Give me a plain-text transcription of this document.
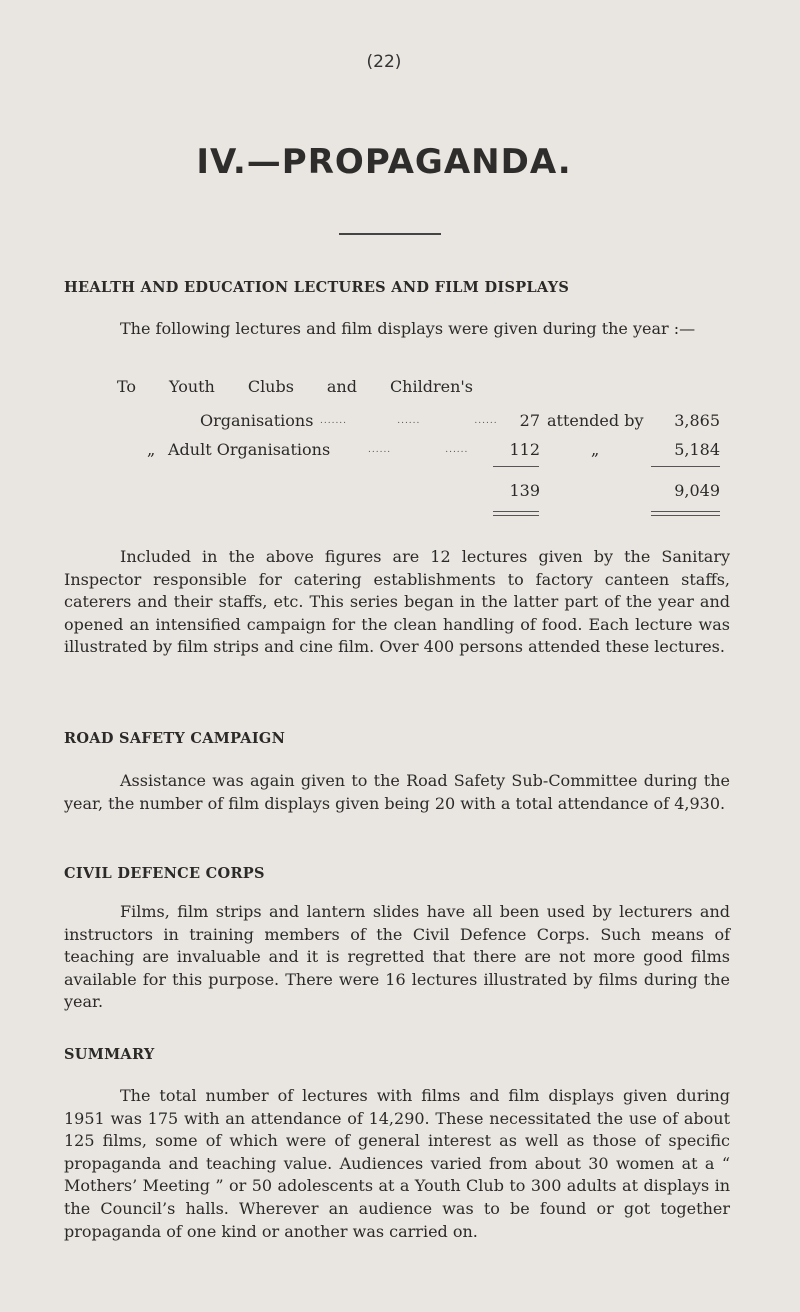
(22)
IV.—PROPAGANDA.
HEALTH AND EDUCATION LECTURES AND FILM DISPLAYS

The following lectures and film displays were given during the year :—

To Youth Clubs and Children's
Organisations .......             ......              ......	27 attended by	3,865
„ Adult Organisations	......              ......	112	„	5,184
139	9,049

Included in the above figures are 12 lectures given by the Sanitary Inspector responsible for catering establishments to factory canteen staffs, caterers and their staffs, etc. This series began in the latter part of the year and opened an intensified campaign for the clean handling of food. Each lecture was illustrated by film strips and cine film. Over 400 persons attended these lectures.

ROAD SAFETY CAMPAIGN

Assistance was again given to the Road Safety Sub-Committee during the year, the number of film displays given being 20 with a total attendance of 4,930.

CIVIL DEFENCE CORPS

Films, film strips and lantern slides have all been used by lecturers and instructors in training members of the Civil Defence Corps. Such means of teaching are invaluable and it is regretted that there are not more good films available for this purpose. There were 16 lectures illustrated by films during the year.

SUMMARY

The total number of lectures with films and film displays given during 1951 was 175 with an attendance of 14,290. These necessitated the use of about 125 films, some of which were of general interest as well as those of specific propaganda and teaching value. Audiences varied from about 30 women at a “ Mothers’ Meeting ” or 50 adolescents at a Youth Club to 300 adults at displays in the Council’s halls. Wherever an audience was to be found or got together propaganda of one kind or another was carried on.
